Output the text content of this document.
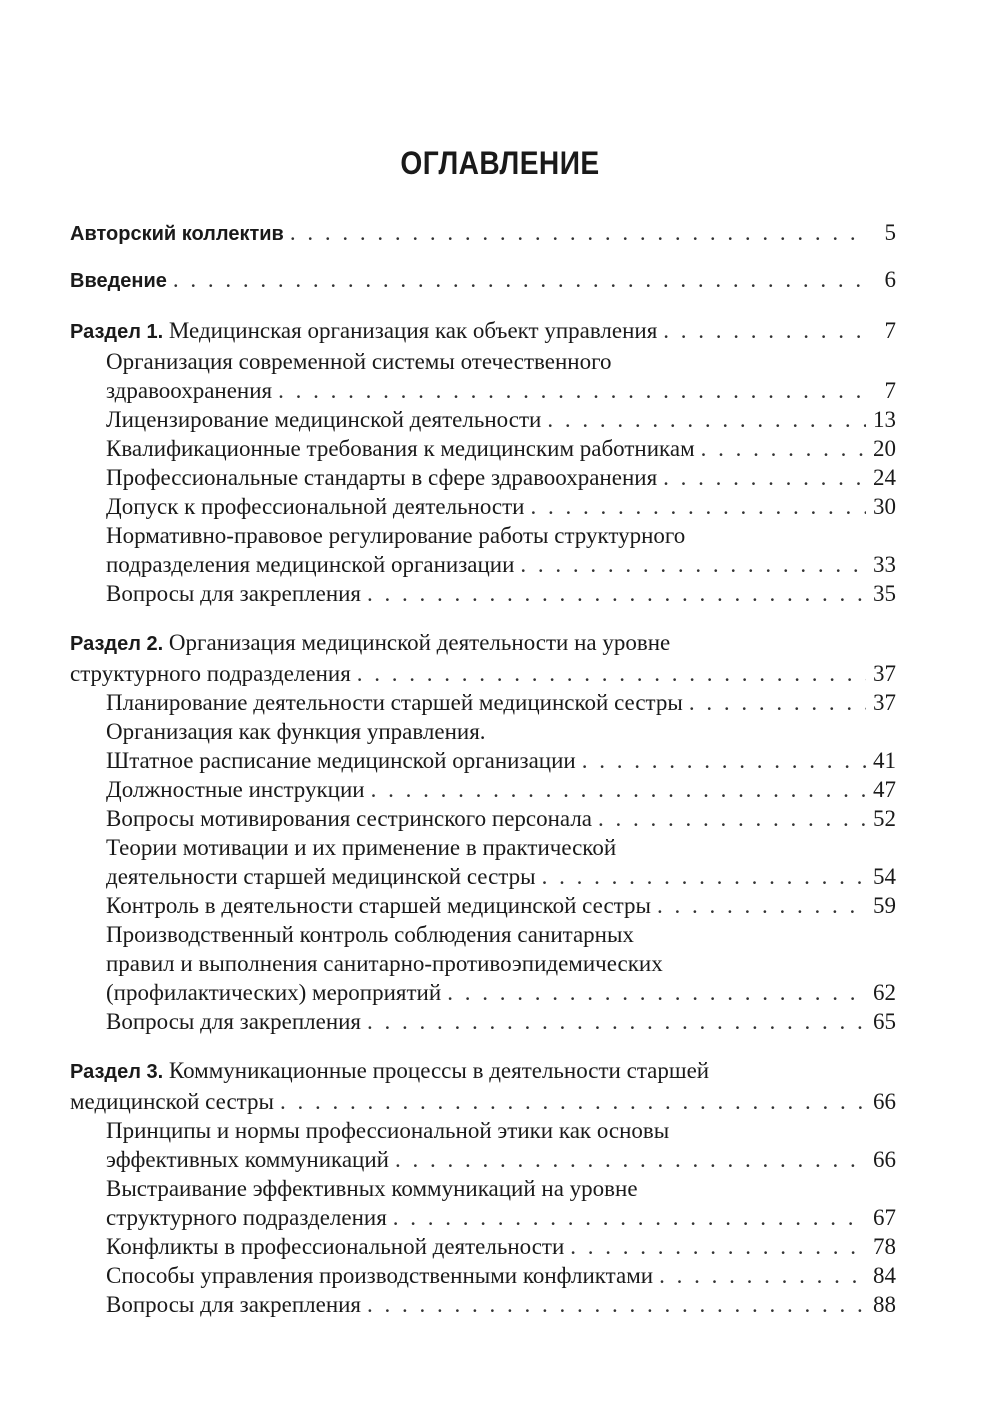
ОГЛАВЛЕНИЕ
Авторский коллектив . . .	5
Введение . . .	6
Раздел 1.
Медицинская организация как объект управления . . .	7
Организация современной системы отечественного
здравоохранения . . .	7
Лицензирование медицинской деятельности . . .	13
Квалификационные требования к медицинским работникам . . .	20
Профессиональные стандарты в сфере здравоохранения . . .	24
Допуск к профессиональной деятельности . . .	30
Нормативно-правовое регулирование работы структурного
подразделения медицинской организации . . .	33
Вопросы для закрепления . . .	35
Раздел 2. Организация медицинской деятельности на уровне
структурного подразделения . . .	37
Планирование деятельности старшей медицинской сестры . . .	37
Организация как функция управления.
Штатное расписание медицинской организации . . .	41
Должностные инструкции . . .	47
Вопросы мотивирования сестринского персонала . . .	52
Теории мотивации и их применение в практической
деятельности старшей медицинской сестры . . .	54
Контроль в деятельности старшей медицинской сестры . . .	59
Производственный контроль соблюдения санитарных
правил и выполнения санитарно-противоэпидемических
(профилактических) мероприятий . . .	62
Вопросы для закрепления . . .	65
Раздел 3. Коммуникационные процессы в деятельности старшей
медицинской сестры . . .	66
Принципы и нормы профессиональной этики как основы
эффективных коммуникаций . . .	66
Выстраивание эффективных коммуникаций на уровне
структурного подразделения . . .	67
Конфликты в профессиональной деятельности . . .	78
Способы управления производственными конфликтами . . .	84
Вопросы для закрепления . . .	88
